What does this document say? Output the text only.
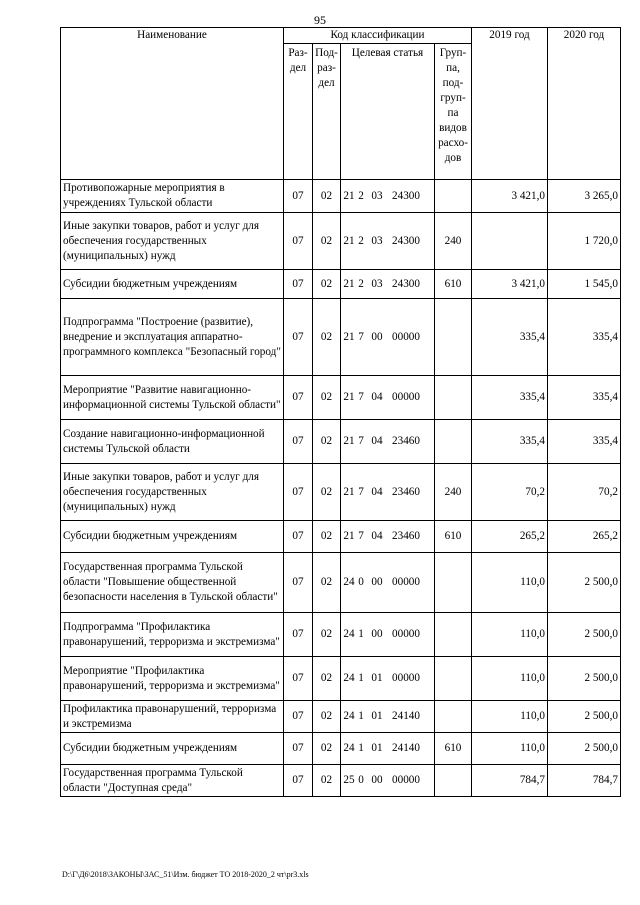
95
Наименование	Код классификации				2019 год	2020 год
	Раз-дел	Под-раз-дел	Целевая статья	Груп-па, под-груп-па видов расхо-дов		
Противопожарные мероприятия в учреждениях Тульской области	07	02	21 2 03 24300		3 421,0	3 265,0
Иные закупки товаров, работ и услуг для обеспечения государственных (муниципальных) нужд	07	02	21 2 03 24300	240		1 720,0
Субсидии бюджетным учреждениям	07	02	21 2 03 24300	610	3 421,0	1 545,0
Подпрограмма "Построение (развитие), внедрение и эксплуатация аппаратно-программного комплекса "Безопасный город"	07	02	21 7 00 00000		335,4	335,4
Мероприятие "Развитие навигационно-информационной системы Тульской области"	07	02	21 7 04 00000		335,4	335,4
Создание навигационно-информационной системы Тульской области	07	02	21 7 04 23460		335,4	335,4
Иные закупки товаров, работ и услуг для обеспечения государственных (муниципальных) нужд	07	02	21 7 04 23460	240	70,2	70,2
Субсидии бюджетным учреждениям	07	02	21 7 04 23460	610	265,2	265,2
Государственная программа Тульской области "Повышение общественной безопасности населения в Тульской области"	07	02	24 0 00 00000		110,0	2 500,0
Подпрограмма "Профилактика правонарушений, терроризма и экстремизма"	07	02	24 1 00 00000		110,0	2 500,0
Мероприятие "Профилактика правонарушений, терроризма и экстремизма"	07	02	24 1 01 00000		110,0	2 500,0
Профилактика правонарушений, терроризма и экстремизма	07	02	24 1 01 24140		110,0	2 500,0
Субсидии бюджетным учреждениям	07	02	24 1 01 24140	610	110,0	2 500,0
Государственная программа Тульской области "Доступная среда"	07	02	25 0 00 00000		784,7	784,7
D:\Г\Д6\2018\ЗАКОНЫ\ЗАС_51\Изм. бюджет ТО 2018-2020_2 чт\pr3.xls
